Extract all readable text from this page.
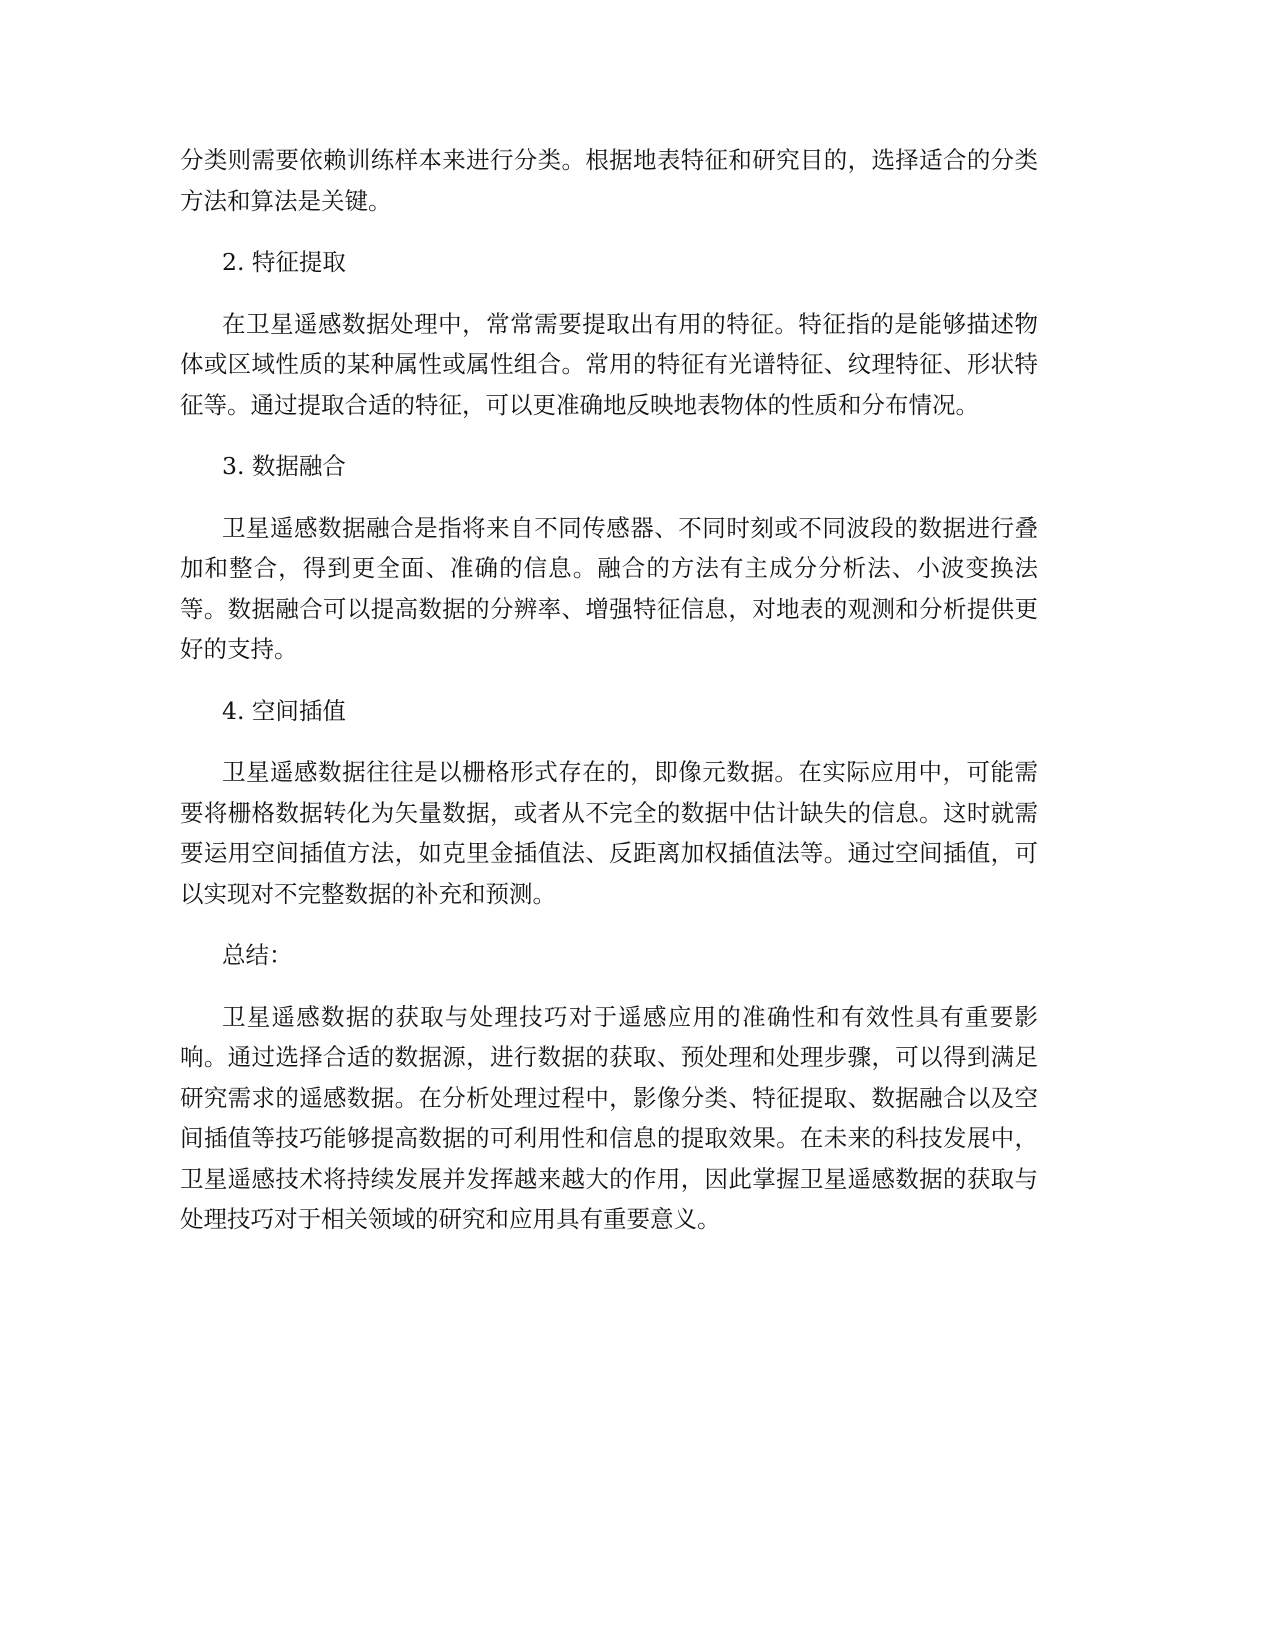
分类则需要依赖训练样本来进行分类。根据地表特征和研究目的，选择适合的分类方法和算法是关键。

2. 特征提取

在卫星遥感数据处理中，常常需要提取出有用的特征。特征指的是能够描述物体或区域性质的某种属性或属性组合。常用的特征有光谱特征、纹理特征、形状特征等。通过提取合适的特征，可以更准确地反映地表物体的性质和分布情况。

3. 数据融合

卫星遥感数据融合是指将来自不同传感器、不同时刻或不同波段的数据进行叠加和整合，得到更全面、准确的信息。融合的方法有主成分分析法、小波变换法等。数据融合可以提高数据的分辨率、增强特征信息，对地表的观测和分析提供更好的支持。

4. 空间插值

卫星遥感数据往往是以栅格形式存在的，即像元数据。在实际应用中，可能需要将栅格数据转化为矢量数据，或者从不完全的数据中估计缺失的信息。这时就需要运用空间插值方法，如克里金插值法、反距离加权插值法等。通过空间插值，可以实现对不完整数据的补充和预测。

总结：

卫星遥感数据的获取与处理技巧对于遥感应用的准确性和有效性具有重要影响。通过选择合适的数据源，进行数据的获取、预处理和处理步骤，可以得到满足研究需求的遥感数据。在分析处理过程中，影像分类、特征提取、数据融合以及空间插值等技巧能够提高数据的可利用性和信息的提取效果。在未来的科技发展中，卫星遥感技术将持续发展并发挥越来越大的作用，因此掌握卫星遥感数据的获取与处理技巧对于相关领域的研究和应用具有重要意义。
